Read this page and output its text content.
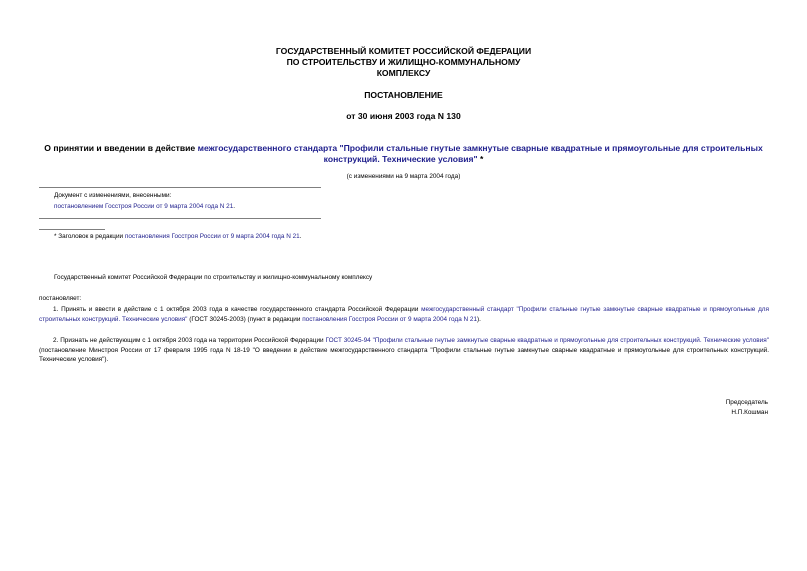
ГОСУДАРСТВЕННЫЙ КОМИТЕТ РОССИЙСКОЙ ФЕДЕРАЦИИ
ПО СТРОИТЕЛЬСТВУ И ЖИЛИЩНО-КОММУНАЛЬНОМУ
КОМПЛЕКСУ
ПОСТАНОВЛЕНИЕ
от 30 июня 2003 года N 130
О принятии и введении в действие межгосударственного стандарта "Профили стальные гнутые замкнутые сварные квадратные и прямоугольные для строительных конструкций. Технические условия" *
(с изменениями на 9 марта 2004 года)
Документ с изменениями, внесенными:
постановлением Госстроя России от 9 марта 2004 года N 21.
* Заголовок в редакции постановления Госстроя России от 9 марта 2004 года N 21.
Государственный комитет Российской Федерации по строительству и жилищно-коммунальному комплексу
постановляет:
1. Принять и ввести в действие с 1 октября 2003 года в качестве государственного стандарта Российской Федерации межгосударственный стандарт "Профили стальные гнутые замкнутые сварные квадратные и прямоугольные для строительных конструкций. Технические условия" (ГОСТ 30245-2003) (пункт в редакции постановления Госстроя России от 9 марта 2004 года N 21).
2. Признать не действующим с 1 октября 2003 года на территории Российской Федерации ГОСТ 30245-94 "Профили стальные гнутые замкнутые сварные квадратные и прямоугольные для строительных конструкций. Технические условия" (постановление Минстроя России от 17 февраля 1995 года N 18-19 "О введении в действие межгосударственного стандарта "Профили стальные гнутые замкнутые сварные квадратные и прямоугольные для строительных конструкций. Технические условия").
Председатель
Н.П.Кошман
